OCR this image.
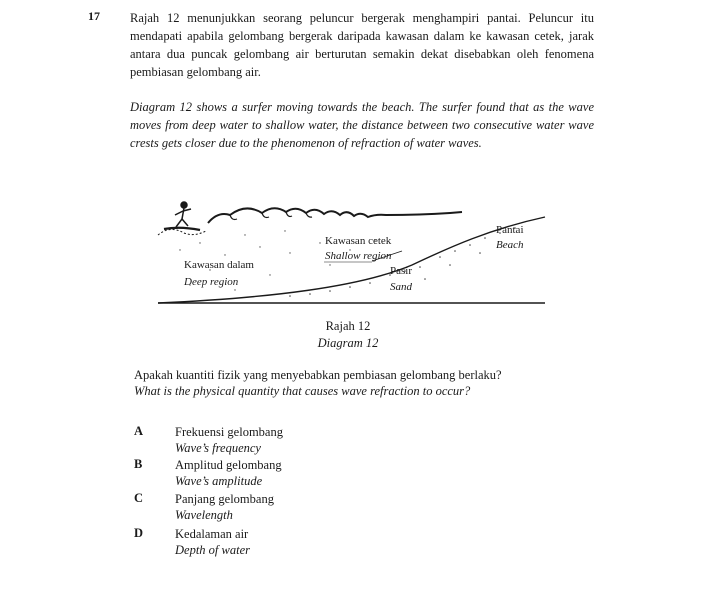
17 Rajah 12 menunjukkan seorang peluncur bergerak menghampiri pantai. Peluncur itu mendapati apabila gelombang bergerak daripada kawasan dalam ke kawasan cetek, jarak antara dua puncak gelombang air berturutan semakin dekat disebabkan oleh fenomena pembiasan gelombang air.
Diagram 12 shows a surfer moving towards the beach. The surfer found that as the wave moves from deep water to shallow water, the distance between two consecutive water wave crests gets closer due to the phenomenon of refraction of water waves.
Kawasan cetek
Shallow region
Kawasan dalam
Deep region
Pasir
Sand
Pantai
Beach
Rajah 12
Diagram 12
Apakah kuantiti fizik yang menyebabkan pembiasan gelombang berlaku?
What is the physical quantity that causes wave refraction to occur?
A	Frekuensi gelombang
Wave’s frequency
B	Amplitud gelombang
Wave’s amplitude
C	Panjang gelombang
Wavelength
D	Kedalaman air
Depth of water
